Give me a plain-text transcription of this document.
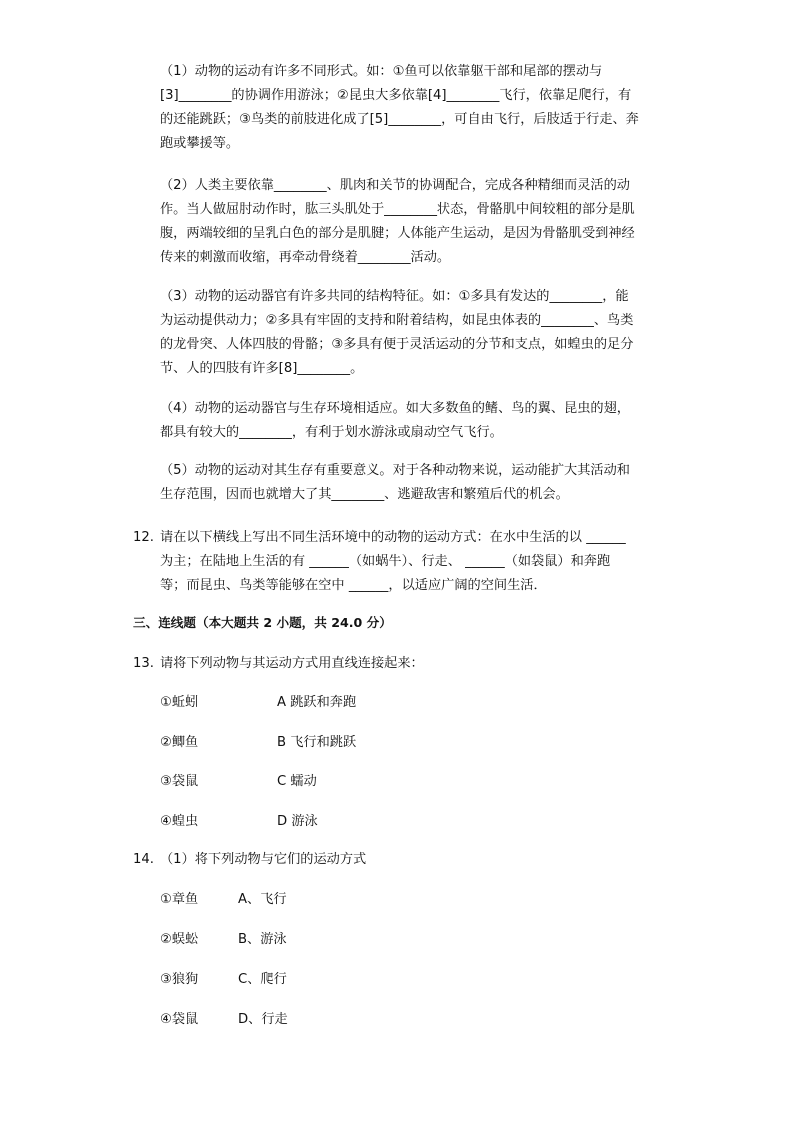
（1）动物的运动有许多不同形式。如：①鱼可以依靠躯干部和尾部的摆动与
[3]________的协调作用游泳；②昆虫大多依靠[4]________飞行，依靠足爬行，有
的还能跳跃；③鸟类的前肢进化成了[5]________，可自由飞行，后肢适于行走、奔
跑或攀援等。
（2）人类主要依靠________、肌肉和关节的协调配合，完成各种精细而灵活的动
作。当人做屈肘动作时，肱三头肌处于________状态，骨骼肌中间较粗的部分是肌
腹，两端较细的呈乳白色的部分是肌腱；人体能产生运动，是因为骨骼肌受到神经
传来的刺激而收缩，再牵动骨绕着________活动。
（3）动物的运动器官有许多共同的结构特征。如：①多具有发达的________，能
为运动提供动力；②多具有牢固的支持和附着结构，如昆虫体表的________、鸟类
的龙骨突、人体四肢的骨骼；③多具有便于灵活运动的分节和支点，如蝗虫的足分
节、人的四肢有许多[8]________。
（4）动物的运动器官与生存环境相适应。如大多数鱼的鳍、鸟的翼、昆虫的翅，
都具有较大的________，有利于划水游泳或扇动空气飞行。
（5）动物的运动对其生存有重要意义。对于各种动物来说，运动能扩大其活动和
生存范围，因而也就增大了其________、逃避敌害和繁殖后代的机会。
12. 请在以下横线上写出不同生活环境中的动物的运动方式：在水中生活的以 ______
为主；在陆地上生活的有 ______（如蜗牛）、行走、 ______（如袋鼠）和奔跑
等；而昆虫、鸟类等能够在空中 ______，以适应广阔的空间生活．
三、连线题（本大题共 2 小题，共 24.0 分）
13. 请将下列动物与其运动方式用直线连接起来：
①蚯蚓	A 跳跃和奔跑
②鲫鱼	B 飞行和跳跃
③袋鼠	C 蠕动
④蝗虫	D 游泳
14. （1）将下列动物与它们的运动方式
①章鱼	A、飞行
②蜈蚣	B、游泳
③狼狗	C、爬行
④袋鼠	D、行走
